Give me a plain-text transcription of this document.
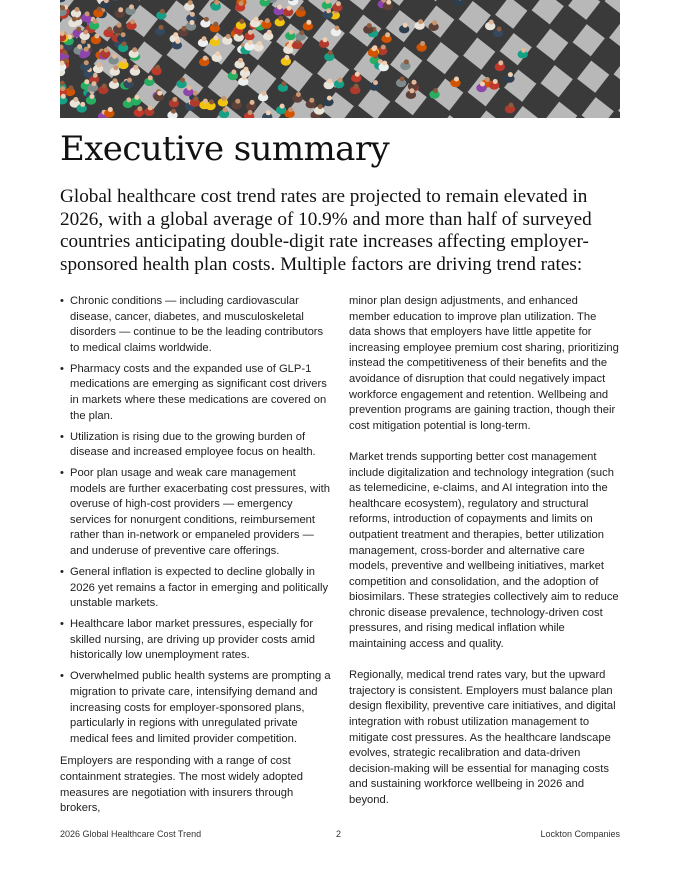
Executive summary

Global healthcare cost trend rates are projected to remain elevated in 2026, with a global average of 10.9% and more than half of surveyed countries anticipating double-digit rate increases affecting employer-sponsored health plan costs. Multiple factors are driving trend rates:

• Chronic conditions — including cardiovascular disease, cancer, diabetes, and musculoskeletal disorders — continue to be the leading contributors to medical claims worldwide.
• Pharmacy costs and the expanded use of GLP-1 medications are emerging as significant cost drivers in markets where these medications are covered on the plan.
• Utilization is rising due to the growing burden of disease and increased employee focus on health.
• Poor plan usage and weak care management models are further exacerbating cost pressures, with overuse of high-cost providers — emergency services for nonurgent conditions, reimbursement rather than in-network or empaneled providers — and underuse of preventive care offerings.
• General inflation is expected to decline globally in 2026 yet remains a factor in emerging and politically unstable markets.
• Healthcare labor market pressures, especially for skilled nursing, are driving up provider costs amid historically low unemployment rates.
• Overwhelmed public health systems are prompting a migration to private care, intensifying demand and increasing costs for employer-sponsored plans, particularly in regions with unregulated private medical fees and limited provider competition.

Employers are responding with a range of cost containment strategies. The most widely adopted measures are negotiation with insurers through brokers,

minor plan design adjustments, and enhanced member education to improve plan utilization. The data shows that employers have little appetite for increasing employee premium cost sharing, prioritizing instead the competitiveness of their benefits and the avoidance of disruption that could negatively impact workforce engagement and retention. Wellbeing and prevention programs are gaining traction, though their cost mitigation potential is long-term.

Market trends supporting better cost management include digitalization and technology integration (such as telemedicine, e-claims, and AI integration into the healthcare ecosystem), regulatory and structural reforms, introduction of copayments and limits on outpatient treatment and therapies, better utilization management, cross-border and alternative care models, preventive and wellbeing initiatives, market competition and consolidation, and the adoption of biosimilars. These strategies collectively aim to reduce chronic disease prevalence, technology-driven cost pressures, and rising medical inflation while maintaining access and quality.

Regionally, medical trend rates vary, but the upward trajectory is consistent. Employers must balance plan design flexibility, preventive care initiatives, and digital integration with robust utilization management to mitigate cost pressures. As the healthcare landscape evolves, strategic recalibration and data-driven decision-making will be essential for managing costs and sustaining workforce wellbeing in 2026 and beyond.

2026 Global Healthcare Cost Trend	2	Lockton Companies
